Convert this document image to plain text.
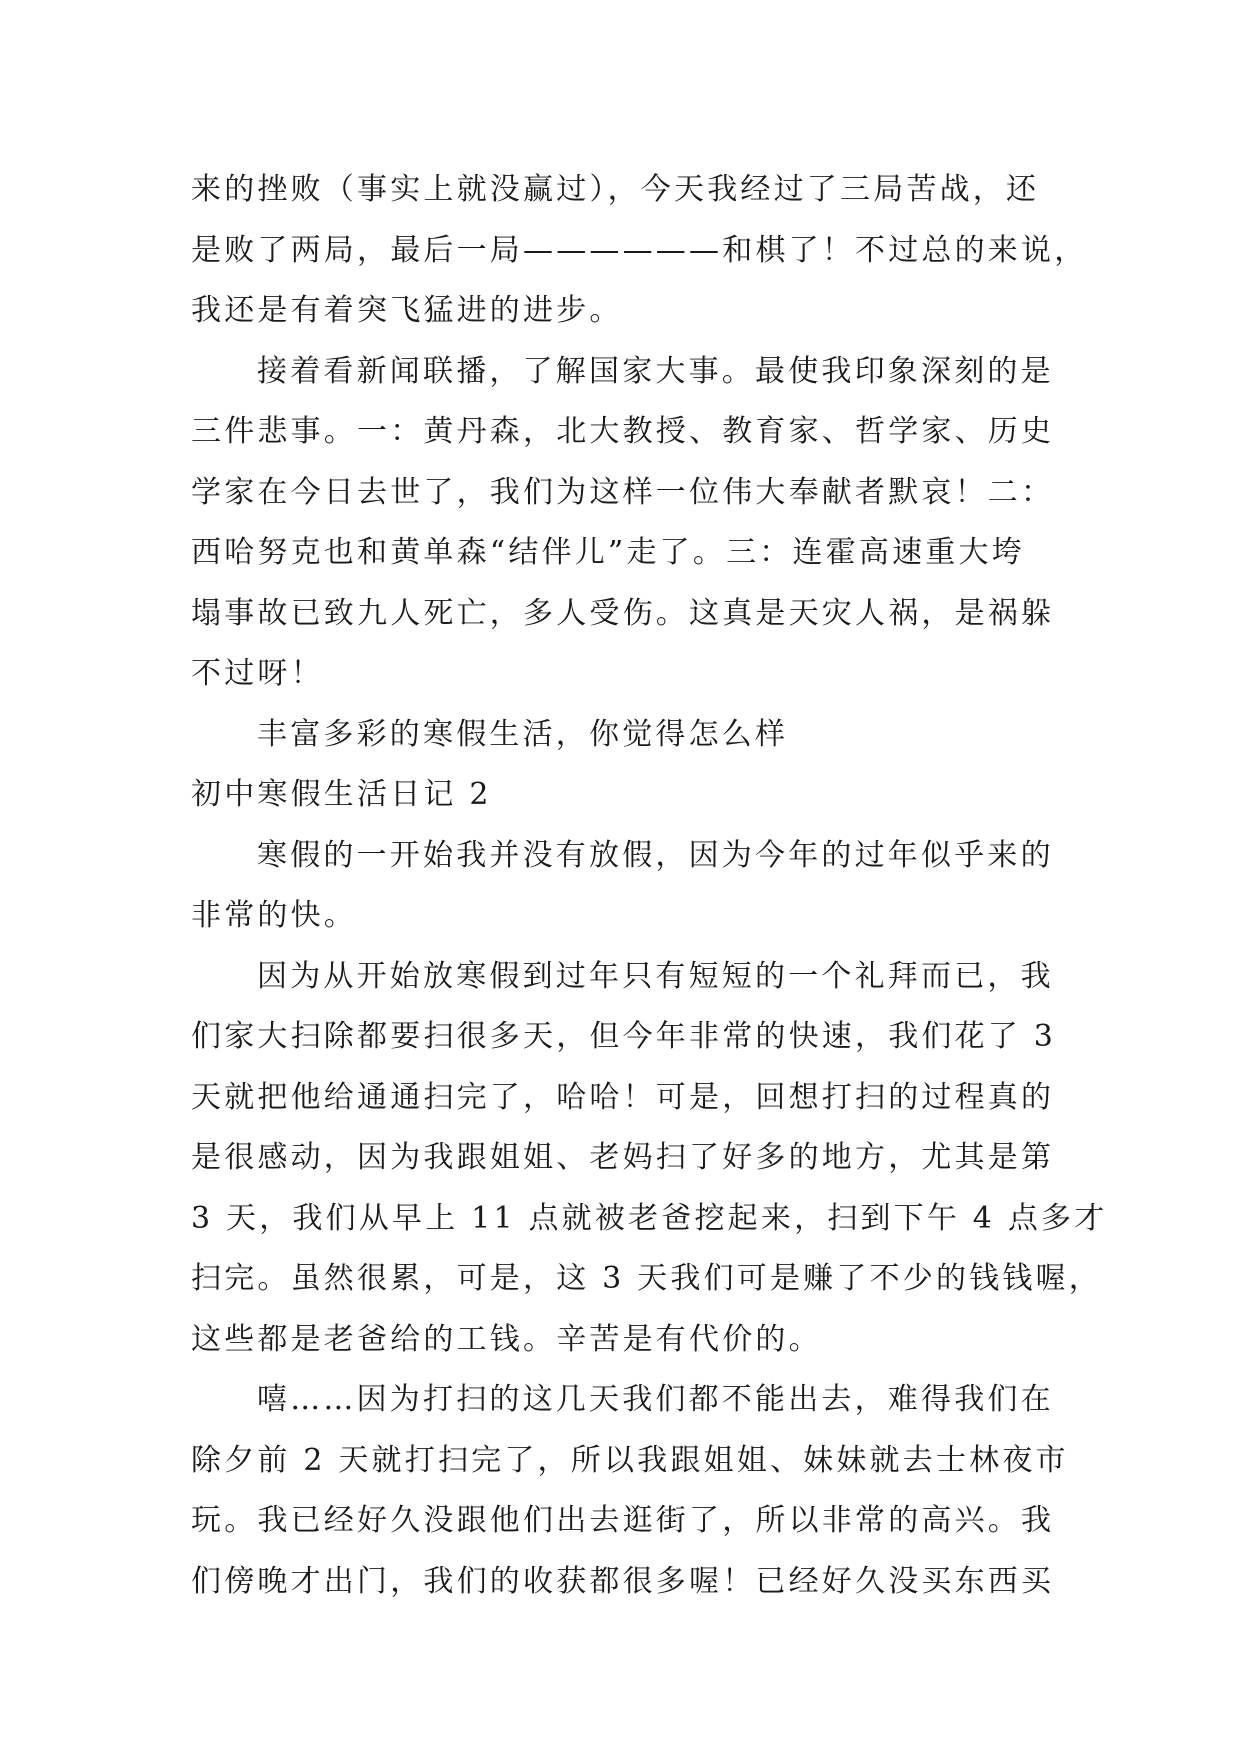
来的挫败（事实上就没赢过），今天我经过了三局苦战，还
是败了两局，最后一局——————和棋了！不过总的来说，
我还是有着突飞猛进的进步。
接着看新闻联播，了解国家大事。最使我印象深刻的是
三件悲事。一：黄丹森，北大教授、教育家、哲学家、历史
学家在今日去世了，我们为这样一位伟大奉献者默哀！二：
西哈努克也和黄单森“结伴儿”走了。三：连霍高速重大垮
塌事故已致九人死亡，多人受伤。这真是天灾人祸，是祸躲
不过呀！
丰富多彩的寒假生活，你觉得怎么样
初中寒假生活日记 2
寒假的一开始我并没有放假，因为今年的过年似乎来的
非常的快。
因为从开始放寒假到过年只有短短的一个礼拜而已，我
们家大扫除都要扫很多天，但今年非常的快速，我们花了 3
天就把他给通通扫完了，哈哈！可是，回想打扫的过程真的
是很感动，因为我跟姐姐、老妈扫了好多的地方，尤其是第
3 天，我们从早上 11 点就被老爸挖起来，扫到下午 4 点多才
扫完。虽然很累，可是，这 3 天我们可是赚了不少的钱钱喔，
这些都是老爸给的工钱。辛苦是有代价的。
嘻……因为打扫的这几天我们都不能出去，难得我们在
除夕前 2 天就打扫完了，所以我跟姐姐、妹妹就去士林夜市
玩。我已经好久没跟他们出去逛街了，所以非常的高兴。我
们傍晚才出门，我们的收获都很多喔！已经好久没买东西买
